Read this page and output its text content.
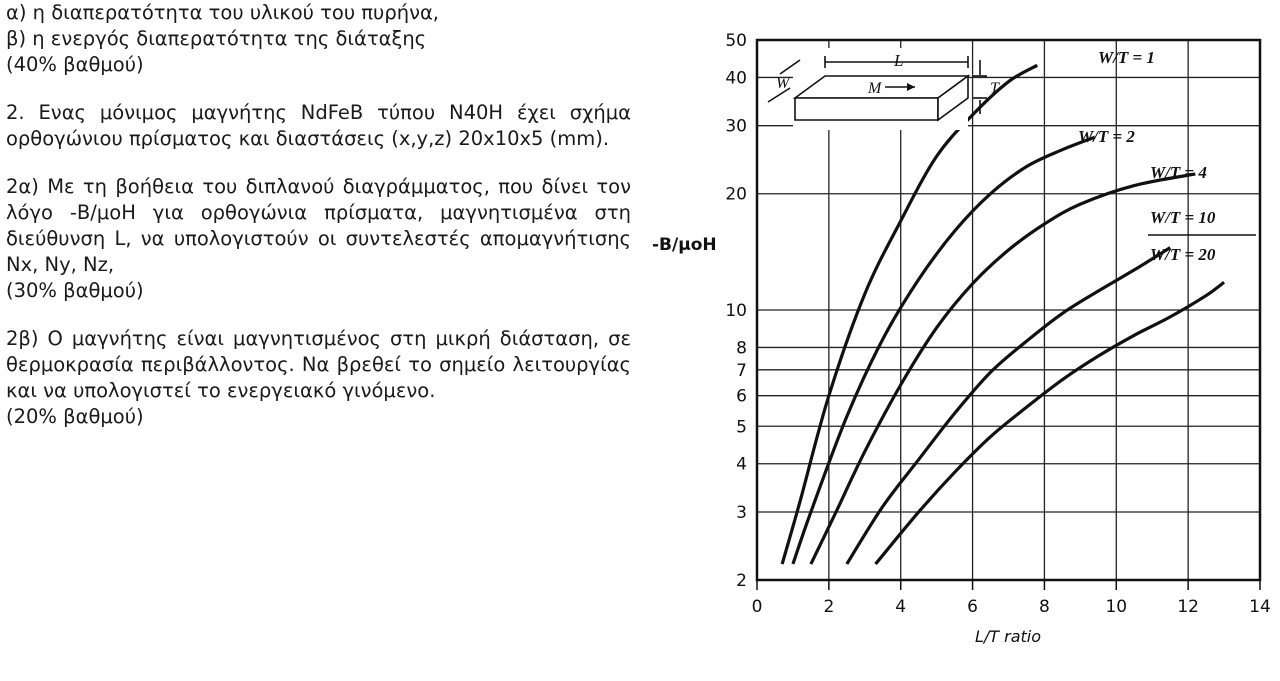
α) η διαπερατότητα του υλικού του πυρήνα,
β) η ενεργός διαπερατότητα της διάταξης
(40% βαθμού)

2. Ενας μόνιμος μαγνήτης NdFeB τύπου N40H έχει σχήμα ορθογώνιου πρίσματος και διαστάσεις (x,y,z) 20x10x5 (mm).

2α) Με τη βοήθεια του διπλανού διαγράμματος, που δίνει τον λόγο -B/μοH για ορθογώνια πρίσματα, μαγνητισμένα στη διεύθυνση L, να υπολογιστούν οι συντελεστές απομαγνήτισης Nx, Ny, Nz,
(30% βαθμού)

2β) Ο μαγνήτης είναι μαγνητισμένος στη μικρή διάσταση, σε θερμοκρασία περιβάλλοντος. Να βρεθεί το σημείο λειτουργίας και να υπολογιστεί το ενεργειακό γινόμενο.
(20% βαθμού)

0	2	4	6	8	10	12	14
2
3
4
5
6
7
8
10
20
30
40
50
-B/μoH
L/T ratio
L
W	M	T
W/T = 1
W/T = 2
W/T = 4
W/T = 10
W/T = 20
